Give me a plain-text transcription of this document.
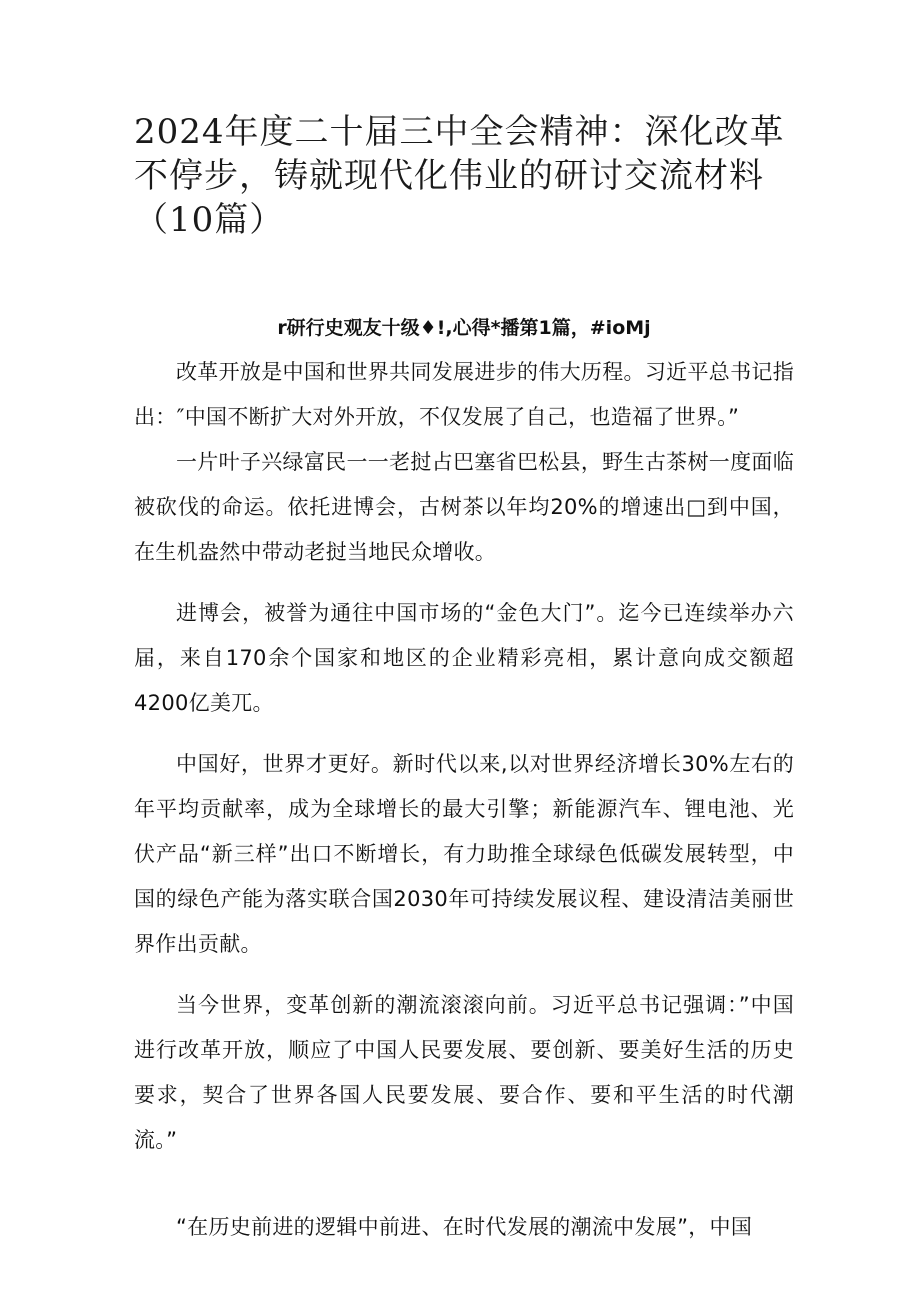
2024年度二十届三中全会精神：深化改革不停步，铸就现代化伟业的研讨交流材料（10篇）
r研行史观友十级♦!,心得*播第1篇，#ioMj

改革开放是中国和世界共同发展进步的伟大历程。习近平总书记指出：″中国不断扩大对外开放，不仅发展了自己，也造福了世界。”

一片叶子兴绿富民一一老挝占巴塞省巴松县，野生古茶树一度面临被砍伐的命运。依托进博会，古树茶以年均20%的增速出□到中国，在生机盎然中带动老挝当地民众增收。

进博会，被誉为通往中国市场的“金色大门”。迄今已连续举办六届，来自170余个国家和地区的企业精彩亮相，累计意向成交额超4200亿美兀。

中国好，世界才更好。新时代以来,以对世界经济增长30%左右的年平均贡献率，成为全球增长的最大引擎；新能源汽车、锂电池、光伏产品“新三样”出口不断增长，有力助推全球绿色低碳发展转型，中国的绿色产能为落实联合国2030年可持续发展议程、建设清洁美丽世界作出贡献。

当今世界，变革创新的潮流滚滚向前。习近平总书记强调：”中国进行改革开放，顺应了中国人民要发展、要创新、要美好生活的历史要求，契合了世界各国人民要发展、要合作、要和平生活的时代潮流。”

“在历史前进的逻辑中前进、在时代发展的潮流中发展”，中国
